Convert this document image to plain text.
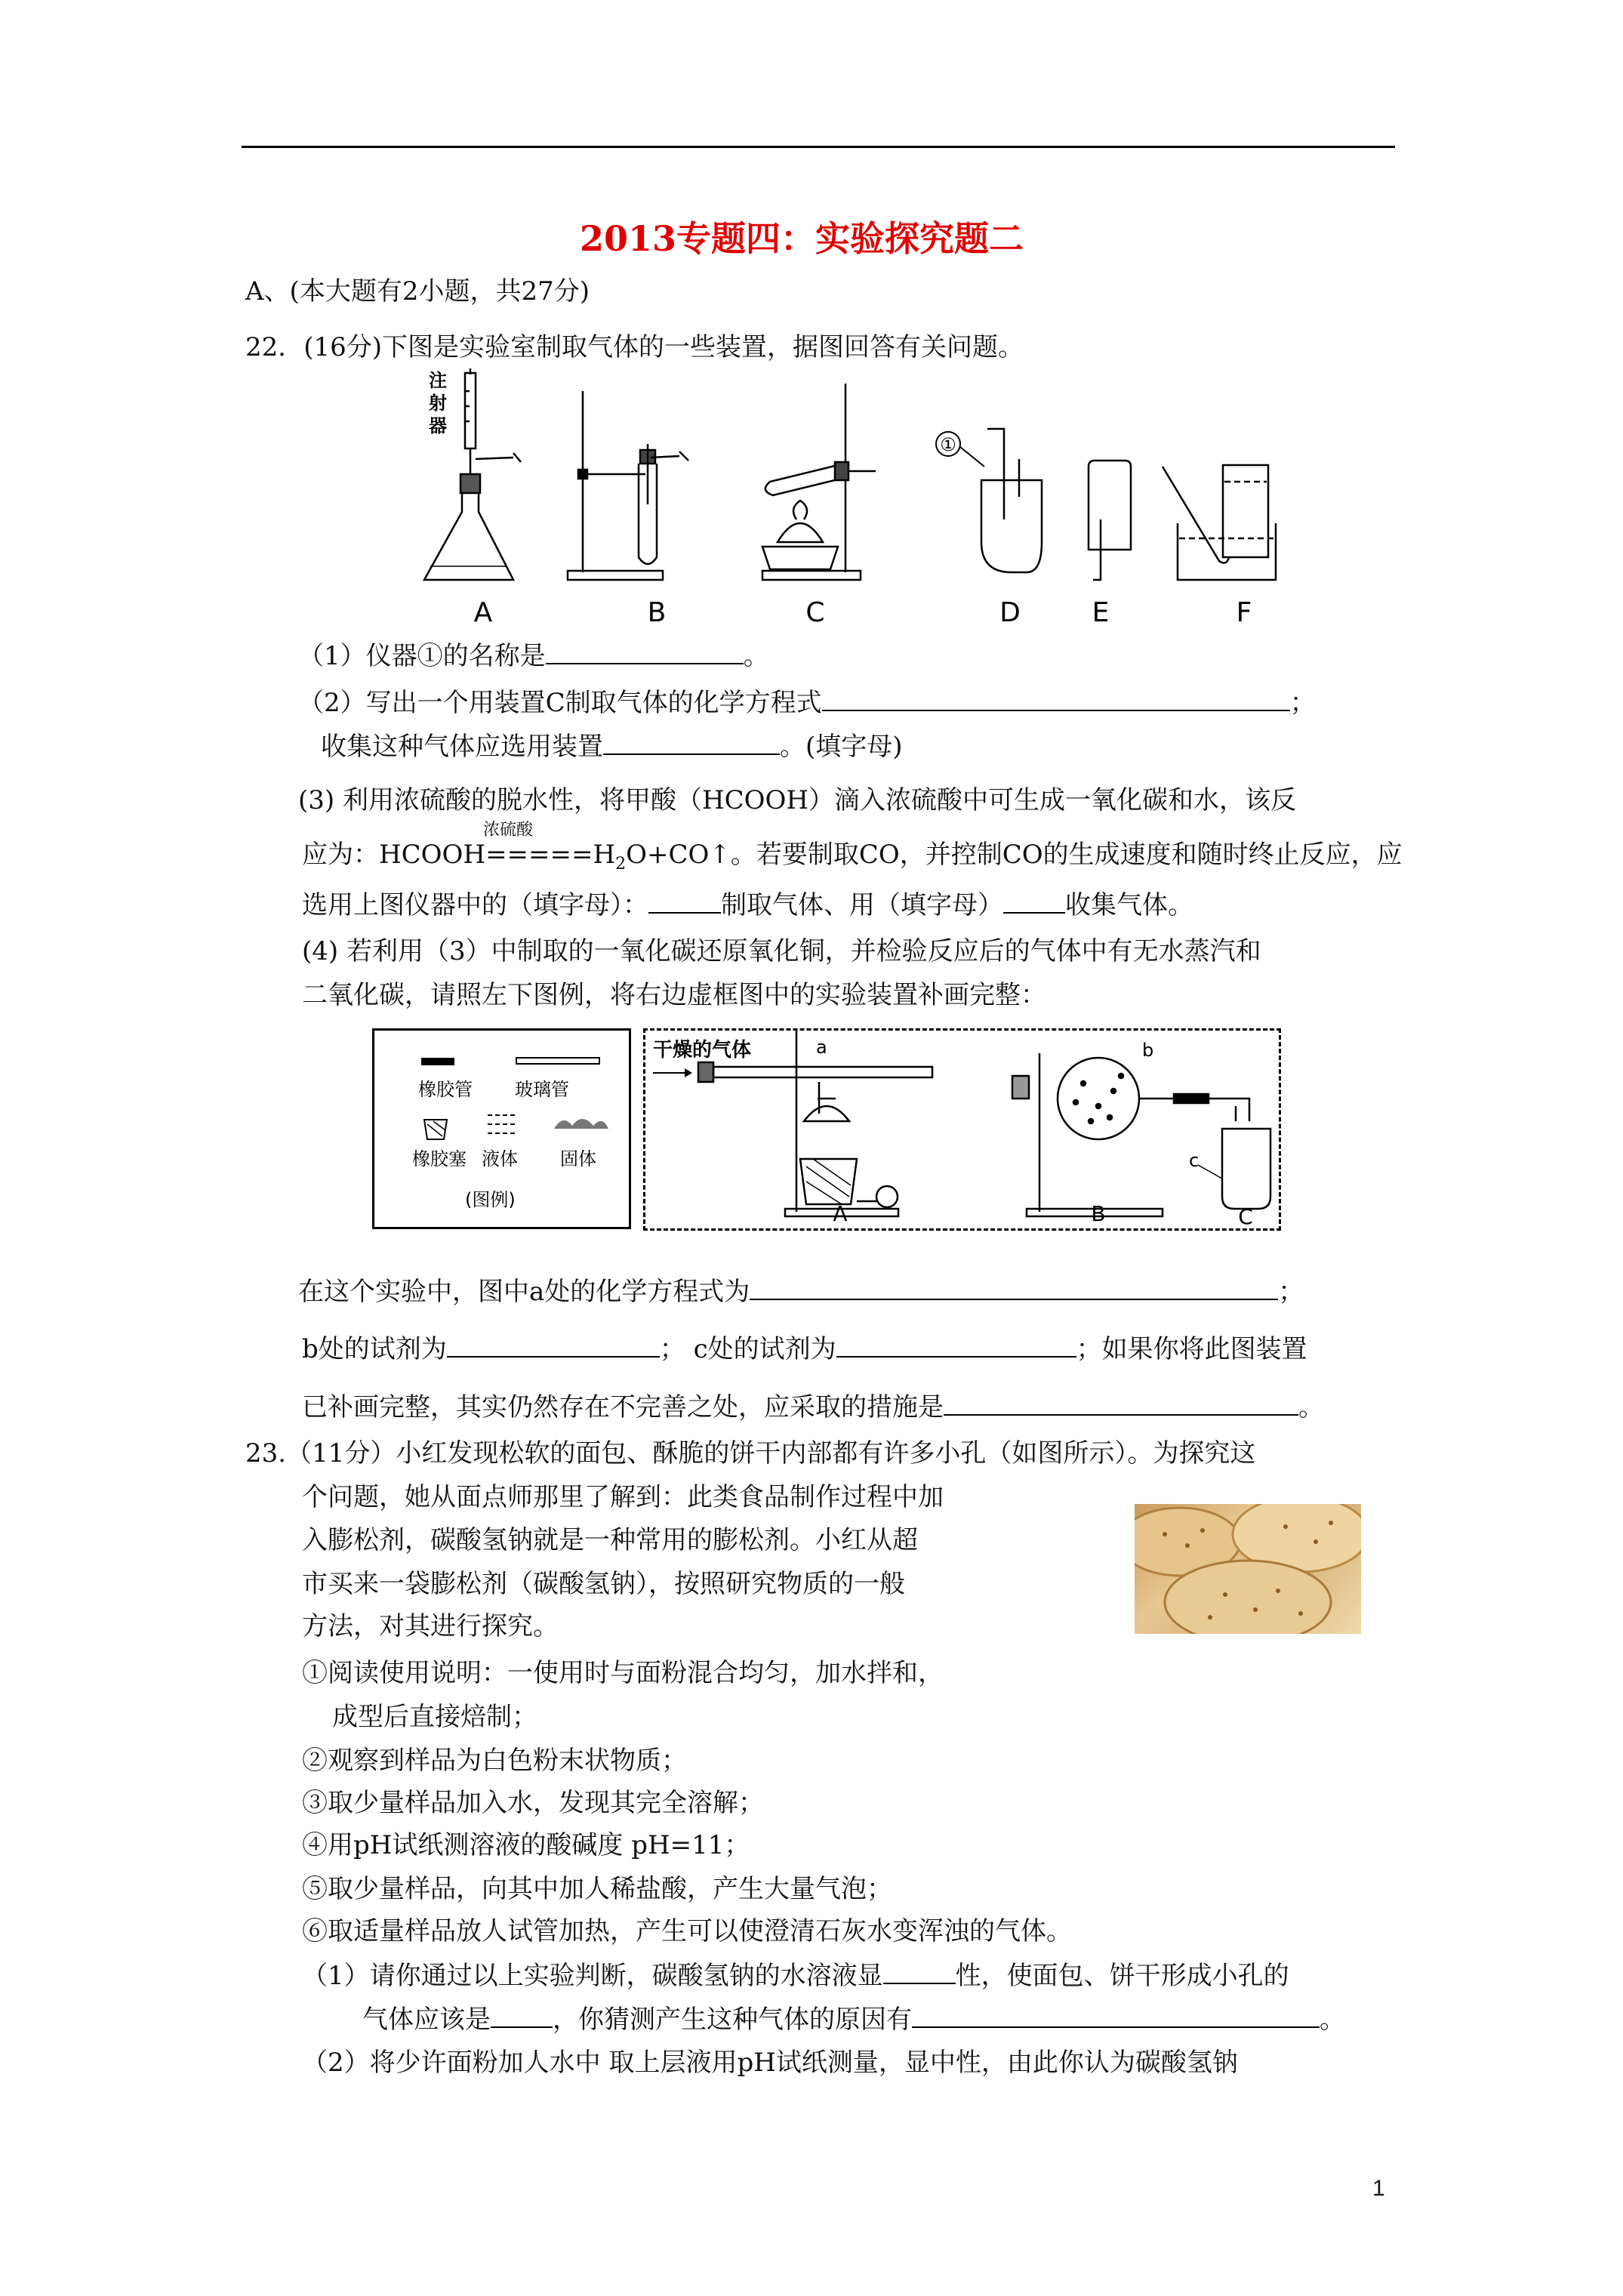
2013专题四：实验探究题二
A、(本大题有2小题，共27分)
22．(16分)下图是实验室制取气体的一些装置，据图回答有关问题。
注
射
器
①
A	B	C	D	E	F
（1）仪器①的名称是	。
（2）写出一个用装置C制取气体的化学方程式	；
收集这种气体应选用装置	。(填字母)
(3) 利用浓硫酸的脱水性，将甲酸（HCOOH）滴入浓硫酸中可生成一氧化碳和水，该反
浓硫酸
应为：$HCOOH=====H_2O+CO↑$。若要制取CO，并控制CO的生成速度和随时终止反应，应
选用上图仪器中的（填字母）：	制取气体、用（填字母） 收集气体。
(4) 若利用（3）中制取的一氧化碳还原氧化铜，并检验反应后的气体中有无水蒸汽和
二氧化碳，请照左下图例，将右边虚框图中的实验装置补画完整：
橡胶管 玻璃管
橡胶塞 液体 固体
(图例)
干燥的气体	a
A
b
c
B	C
在这个实验中，图中a处的化学方程式为	；
b处的试剂为	； c处的试剂为	；如果你将此图装置
已补画完整，其实仍然存在不完善之处，应采取的措施是	。
23.（11分）小红发现松软的面包、酥脆的饼干内部都有许多小孔（如图所示）。为探究这
个问题，她从面点师那里了解到：此类食品制作过程中加
入膨松剂，碳酸氢钠就是一种常用的膨松剂。小红从超
市买来一袋膨松剂（碳酸氢钠），按照研究物质的一般
方法，对其进行探究。
①阅读使用说明：一使用时与面粉混合均匀，加水拌和，
成型后直接焙制；
②观察到样品为白色粉末状物质；
③取少量样品加入水，发现其完全溶解；
④用pH试纸测溶液的酸碱度 pH=11；
⑤取少量样品，向其中加人稀盐酸，产生大量气泡；
⑥取适量样品放人试管加热，产生可以使澄清石灰水变浑浊的气体。
（1）请你通过以上实验判断，碳酸氢钠的水溶液显	性，使面包、饼干形成小孔的
气体应该是 ，你猜测产生这种气体的原因有	。
（2）将少许面粉加人水中 取上层液用pH试纸测量，显中性，由此你认为碳酸氢钠
1
